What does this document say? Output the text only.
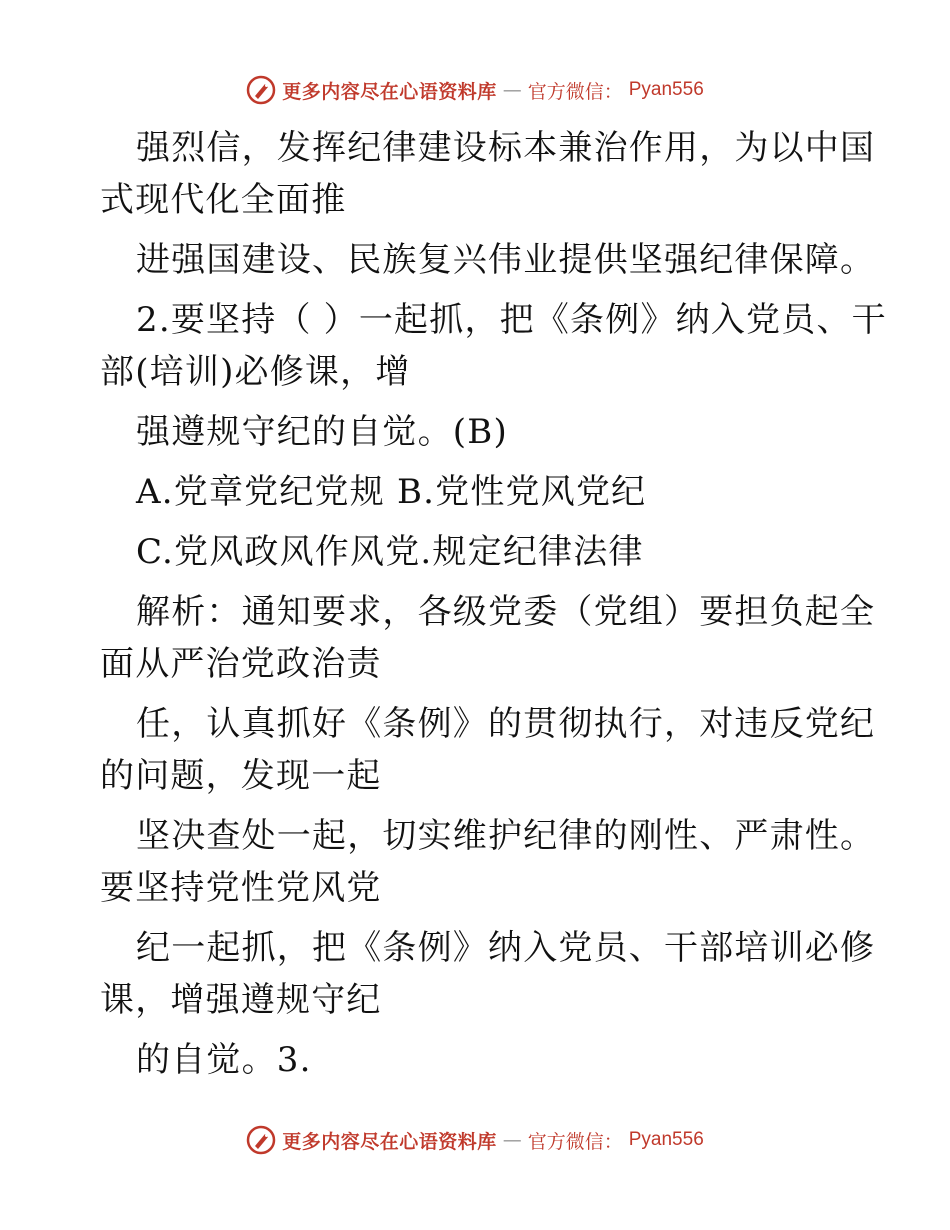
更多内容尽在心语资料库 — 官方微信： Pyan556
强烈信，发挥纪律建设标本兼治作用，为以中国
式现代化全面推
进强国建设、民族复兴伟业提供坚强纪律保障。
2.要坚持（ ）一起抓，把《条例》纳入党员、干
部(培训)必修课，增
强遵规守纪的自觉。(B)
A.党章党纪党规 B.党性党风党纪
C.党风政风作风党.规定纪律法律
解析：通知要求，各级党委（党组）要担负起全
面从严治党政治责
任，认真抓好《条例》的贯彻执行，对违反党纪
的问题，发现一起
坚决查处一起，切实维护纪律的刚性、严肃性。
要坚持党性党风党
纪一起抓，把《条例》纳入党员、干部培训必修
课，增强遵规守纪
的自觉。3.
更多内容尽在心语资料库 — 官方微信： Pyan556
